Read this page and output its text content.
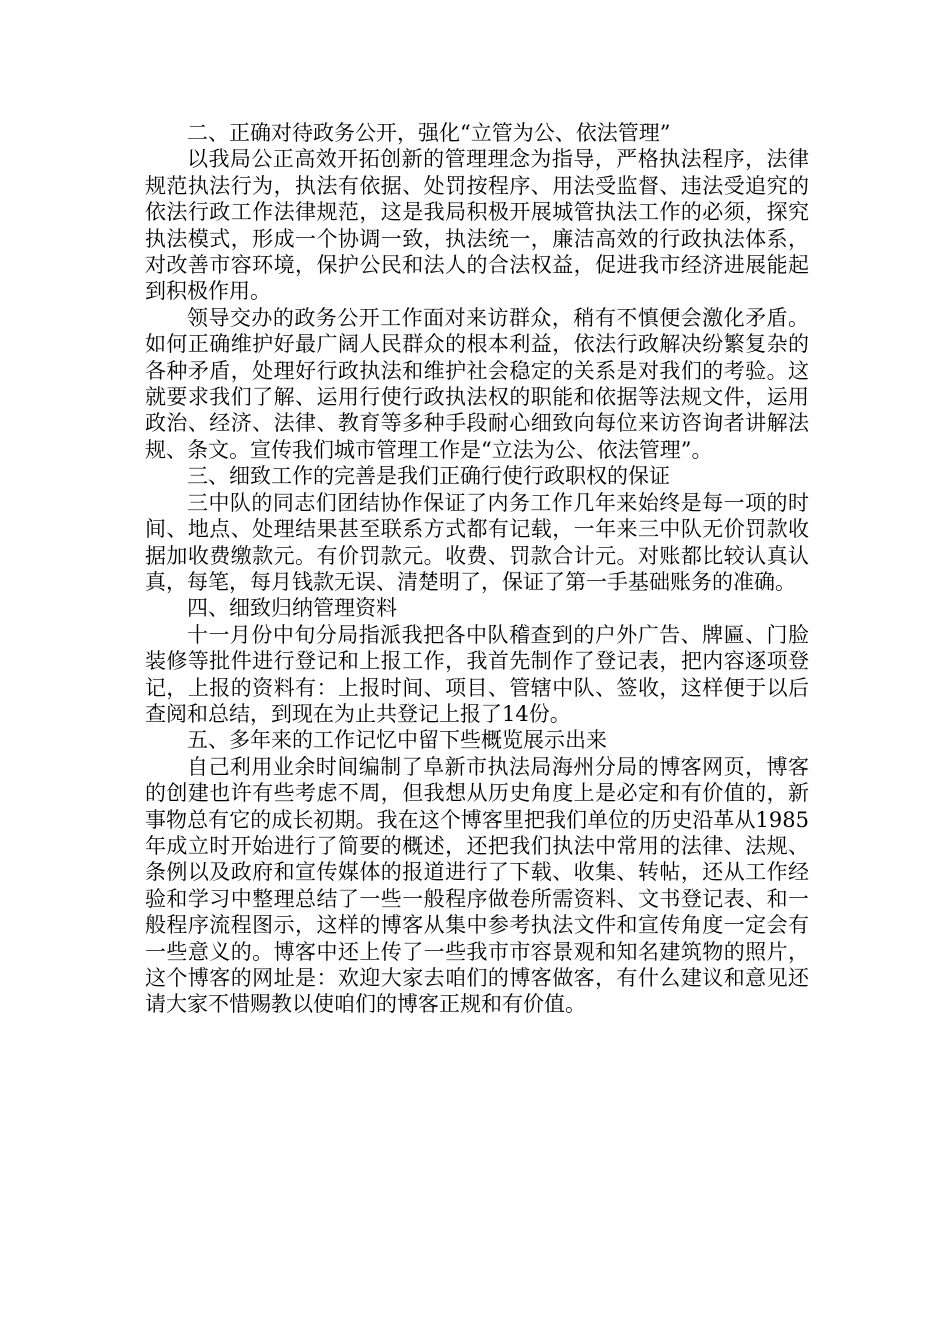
二、正确对待政务公开，强化“立管为公、依法管理”

以我局公正高效开拓创新的管理理念为指导，严格执法程序，法律规范执法行为，执法有依据、处罚按程序、用法受监督、违法受追究的依法行政工作法律规范，这是我局积极开展城管执法工作的必须，探究执法模式，形成一个协调一致，执法统一，廉洁高效的行政执法体系，对改善市容环境，保护公民和法人的合法权益，促进我市经济进展能起到积极作用。

领导交办的政务公开工作面对来访群众，稍有不慎便会激化矛盾。如何正确维护好最广阔人民群众的根本利益，依法行政解决纷繁复杂的各种矛盾，处理好行政执法和维护社会稳定的关系是对我们的考验。这就要求我们了解、运用行使行政执法权的职能和依据等法规文件，运用政治、经济、法律、教育等多种手段耐心细致向每位来访咨询者讲解法规、条文。宣传我们城市管理工作是“立法为公、依法管理”。

三、细致工作的完善是我们正确行使行政职权的保证

三中队的同志们团结协作保证了内务工作几年来始终是每一项的时间、地点、处理结果甚至联系方式都有记载，一年来三中队无价罚款收据加收费缴款元。有价罚款元。收费、罚款合计元。对账都比较认真认真，每笔，每月钱款无误、清楚明了，保证了第一手基础账务的准确。

四、细致归纳管理资料

十一月份中旬分局指派我把各中队稽查到的户外广告、牌匾、门脸装修等批件进行登记和上报工作，我首先制作了登记表，把内容逐项登记，上报的资料有：上报时间、项目、管辖中队、签收，这样便于以后查阅和总结，到现在为止共登记上报了14份。

五、多年来的工作记忆中留下些概览展示出来

自己利用业余时间编制了阜新市执法局海州分局的博客网页，博客的创建也许有些考虑不周，但我想从历史角度上是必定和有价值的，新事物总有它的成长初期。我在这个博客里把我们单位的历史沿革从1985年成立时开始进行了简要的概述，还把我们执法中常用的法律、法规、条例以及政府和宣传媒体的报道进行了下载、收集、转帖，还从工作经验和学习中整理总结了一些一般程序做卷所需资料、文书登记表、和一般程序流程图示，这样的博客从集中参考执法文件和宣传角度一定会有一些意义的。博客中还上传了一些我市市容景观和知名建筑物的照片，这个博客的网址是：欢迎大家去咱们的博客做客，有什么建议和意见还请大家不惜赐教以使咱们的博客正规和有价值。
